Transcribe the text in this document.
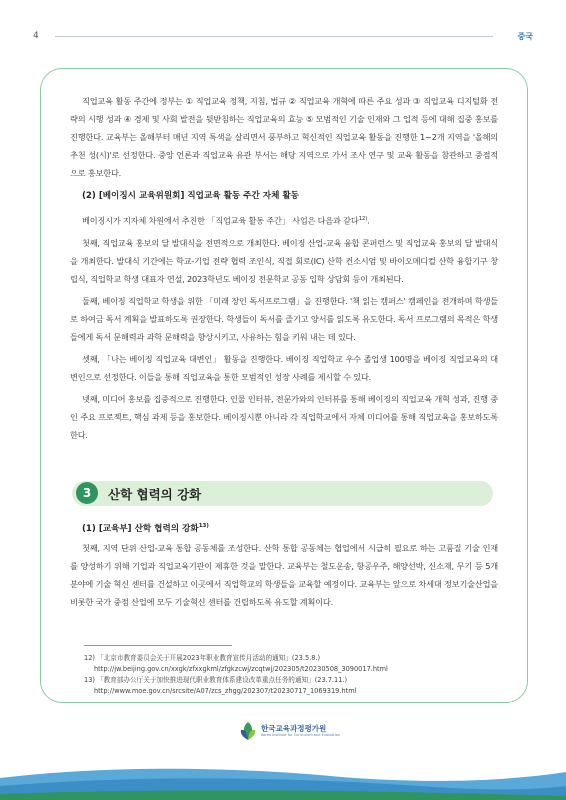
4	중국

직업교육 활동 주간에 정부는 ① 직업교육 정책, 지침, 법규 ② 직업교육 개혁에 따른 주요 성과 ③ 직업교육 디지털화 전략의 시행 성과 ④ 경제 및 사회 발전을 뒷받침하는 직업교육의 효능 ⑤ 모범적인 기술 인재와 그 업적 등에 대해 집중 홍보를 진행한다. 교육부는 올해부터 매년 지역 특색을 살리면서 풍부하고 혁신적인 직업교육 활동을 진행한 1~2개 지역을 '올해의 추천 성(시)'로 선정한다. 중앙 언론과 직업교육 유관 부서는 해당 지역으로 가서 조사 연구 및 교육 활동을 참관하고 중점적으로 홍보한다.

(2) [베이징시 교육위원회] 직업교육 활동 주간 자체 활동

베이징시가 지자체 차원에서 추진한 「직업교육 활동 주간」 사업은 다음과 같다$^{12)}$.

첫째, 직업교육 홍보의 달 발대식을 전면적으로 개최한다. 베이징 산업-교육 융합 콘퍼런스 및 직업교육 홍보의 달 발대식을 개최한다. 발대식 기간에는 학교-기업 전략 협력 조인식, 직접 회로(IC) 산학 컨소시엄 및 바이오메디컬 산학 융합기구 창립식, 직업학교 학생 대표자 연설, 2023학년도 베이징 전문학교 공동 입학 상담회 등이 개최된다.

둘째, 베이징 직업학교 학생을 위한 「미래 장인 독서프로그램」을 진행한다. '책 읽는 캠퍼스' 캠페인을 전개하며 학생들로 하여금 독서 계획을 발표하도록 권장한다. 학생들이 독서를 즐기고 양서를 읽도록 유도한다. 독서 프로그램의 목적은 학생들에게 독서 문해력과 과학 문해력을 향상시키고, 사유하는 힘을 키워 내는 데 있다.

셋째, 「나는 베이징 직업교육 대변인」 활동을 진행한다. 베이징 직업학교 우수 졸업생 100명을 베이징 직업교육의 대변인으로 선정한다. 이들을 통해 직업교육을 통한 모범적인 성장 사례를 제시할 수 있다.

넷째, 미디어 홍보를 집중적으로 진행한다. 인물 인터뷰, 전문가와의 인터뷰를 통해 베이징의 직업교육 개혁 성과, 진행 중인 주요 프로젝트, 핵심 과제 등을 홍보한다. 베이징시뿐 아니라 각 직업학교에서 자체 미디어를 통해 직업교육을 홍보하도록 한다.

(1) [교육부] 산학 협력의 강화$^{13)}$

첫째, 지역 단위 산업-교육 통합 공동체를 조성한다. 산학 통합 공동체는 협업에서 시급히 필요로 하는 고품질 기술 인재를 양성하기 위해 기업과 직업교육기관이 제휴한 것을 말한다. 교육부는 철도운송, 항공우주, 해양선박, 신소재, 무기 등 5개 분야에 기술 혁신 센터를 건설하고 이곳에서 직업학교의 학생들을 교육할 예정이다. 교육부는 앞으로 차세대 정보기술산업을 비롯한 국가 중점 산업에 모두 기술혁신 센터를 건립하도록 유도할 계획이다.

3	산학 협력의 강화
12) 「北京市教育委员会关于开展2023年职业教育宣传月活动的通知」(23.5.8.)
http://jw.beijing.gov.cn/xxgk/zfxxgkml/zfgkzcwj/zcqtwj/202305/t20230508_3090017.html
13) 「教育部办公厅关于加快推进现代职业教育体系建设改革重点任务的通知」(23.7.11.)
http://www.moe.gov.cn/srcsite/A07/zcs_zhgg/202307/t20230717_1069319.html
한국교육과정평가원
Korea Institute for Curriculum and Evaluation
